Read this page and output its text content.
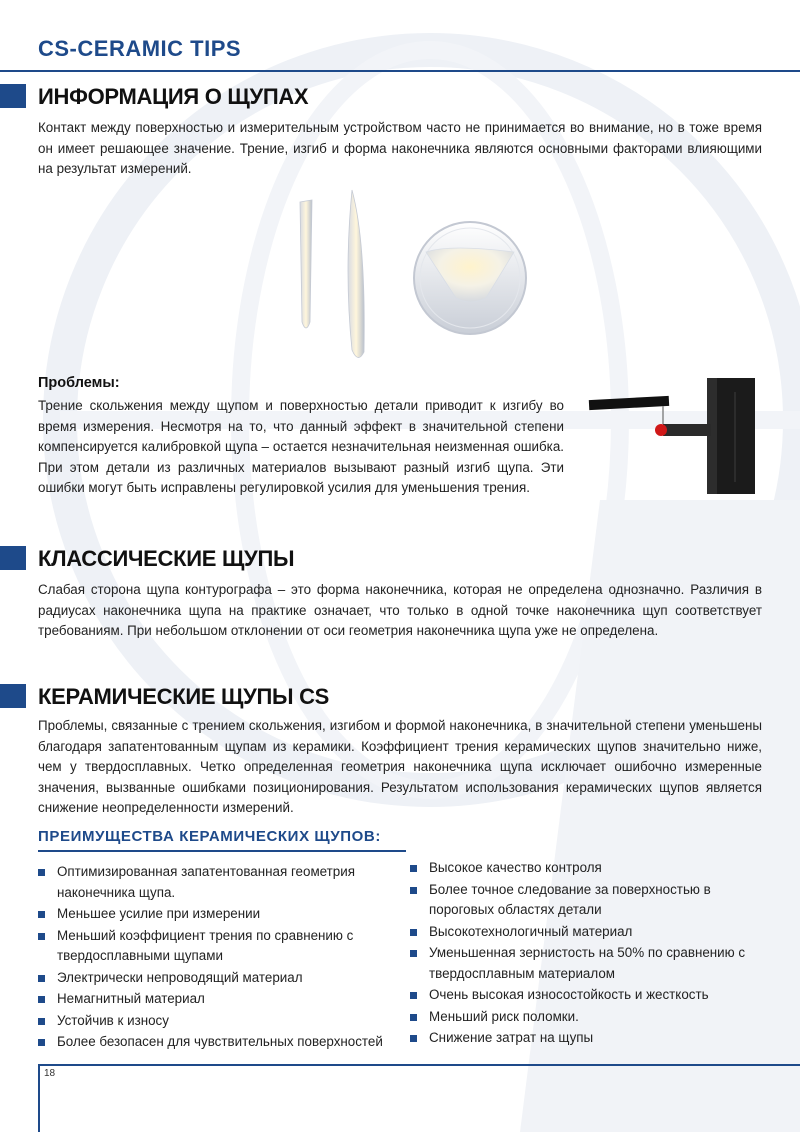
CS-CERAMIC TIPS
ИНФОРМАЦИЯ О ЩУПАХ
Контакт между поверхностью и измерительным устройством часто не принимается во внимание, но в тоже время он имеет решающее значение. Трение, изгиб и форма наконечника являются основными факторами влияющими на результат измерений.
Проблемы:
Трение скольжения между щупом и поверхностью детали приводит к изгибу во время измерения. Несмотря на то, что данный эффект в значительной степени компенсируется калибровкой щупа – остается незначительная неизменная ошибка. При этом детали из различных материалов вызывают разный изгиб щупа. Эти ошибки могут быть исправлены регулировкой усилия для уменьшения трения.
КЛАССИЧЕСКИЕ ЩУПЫ
Слабая сторона щупа контурографа – это форма наконечника, которая не определена однозначно. Различия в радиусах наконечника щупа на практике означает, что только в одной точке наконечника щуп соответствует требованиям. При небольшом отклонении от оси геометрия наконечника щупа уже не определена.
КЕРАМИЧЕСКИЕ ЩУПЫ CS
Проблемы, связанные с трением скольжения, изгибом и формой наконечника, в значительной степени уменьшены благодаря запатентованным щупам из керамики. Коэффициент трения керамических щупов значительно ниже, чем у твердосплавных. Четко определенная геометрия наконечника щупа исключает ошибочно измеренные значения, вызванные ошибками позиционирования. Результатом использования керамических щупов является снижение неопределенности измерений.
ПРЕИМУЩЕСТВА КЕРАМИЧЕСКИХ ЩУПОВ:
Оптимизированная запатентованная геометрия наконечника щупа.
Меньшее усилие при измерении
Меньший коэффициент трения по сравнению с твердосплавными щупами
Электрически непроводящий материал
Немагнитный материал
Устойчив к износу
Более безопасен для чувствительных поверхностей
Высокое качество контроля
Более точное следование за поверхностью в пороговых областях детали
Высокотехнологичный материал
Уменьшенная зернистость на 50% по сравнению с твердосплавным материалом
Очень высокая износостойкость и жесткость
Меньший риск поломки.
Снижение затрат на щупы
18
